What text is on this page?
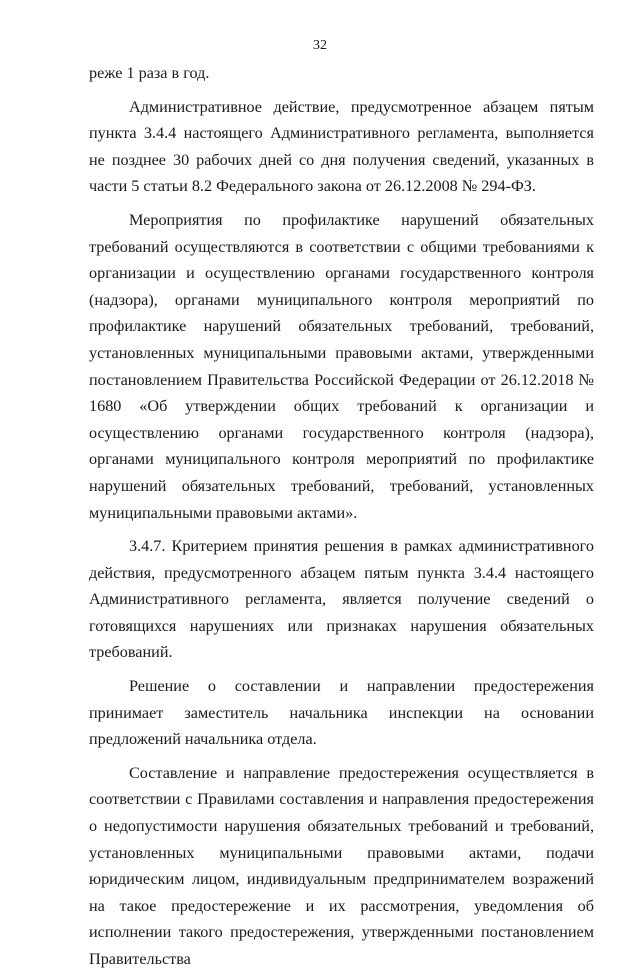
32

реже 1 раза в год.

Административное действие, предусмотренное абзацем пятым пункта 3.4.4 настоящего Административного регламента, выполняется не позднее 30 рабочих дней со дня получения сведений, указанных в части 5 статьи 8.2 Федерального закона от 26.12.2008 № 294-ФЗ.

Мероприятия по профилактике нарушений обязательных требований осуществляются в соответствии с общими требованиями к организации и осуществлению органами государственного контроля (надзора), органами муниципального контроля мероприятий по профилактике нарушений обязательных требований, требований, установленных муниципальными правовыми актами, утвержденными постановлением Правительства Российской Федерации от 26.12.2018 № 1680 «Об утверждении общих требований к организации и осуществлению органами государственного контроля (надзора), органами муниципального контроля мероприятий по профилактике нарушений обязательных требований, требований, установленных муниципальными правовыми актами».

3.4.7. Критерием принятия решения в рамках административного действия, предусмотренного абзацем пятым пункта 3.4.4 настоящего Административного регламента, является получение сведений о готовящихся нарушениях или признаках нарушения обязательных требований.

Решение о составлении и направлении предостережения принимает заместитель начальника инспекции на основании предложений начальника отдела.

Составление и направление предостережения осуществляется в соответствии с Правилами составления и направления предостережения о недопустимости нарушения обязательных требований и требований, установленных муниципальными правовыми актами, подачи юридическим лицом, индивидуальным предпринимателем возражений на такое предостережение и их рассмотрения, уведомления об исполнении такого предостережения, утвержденными постановлением Правительства
